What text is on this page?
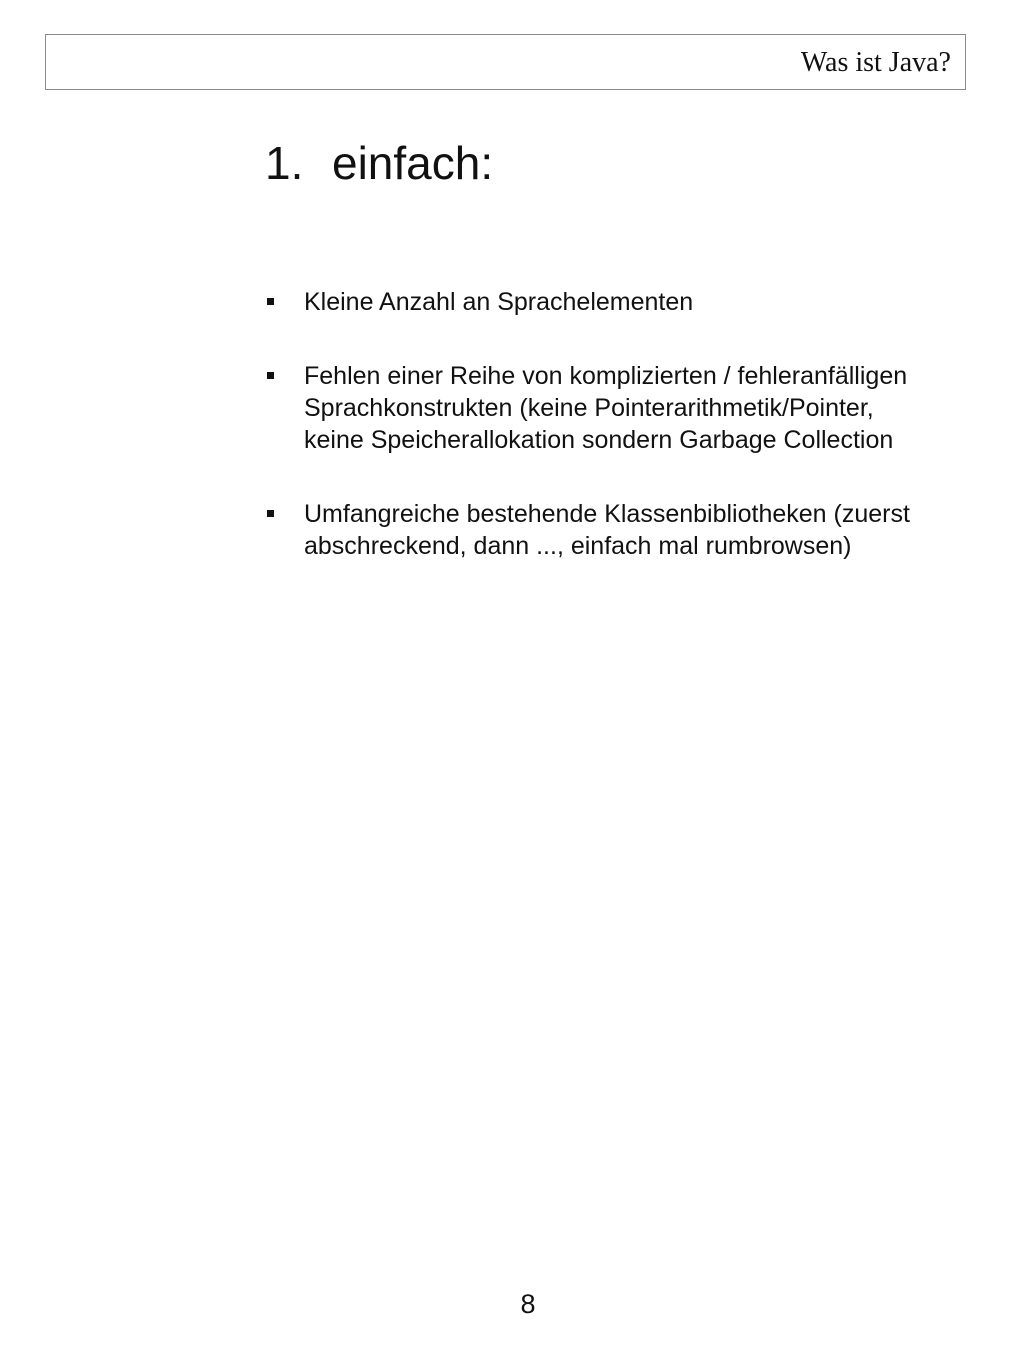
Was ist Java?
1. einfach:
Kleine Anzahl an Sprachelementen
Fehlen einer Reihe von komplizierten / fehleranfälligen
Sprachkonstrukten (keine Pointerarithmetik/Pointer,
keine Speicherallokation sondern Garbage Collection
Umfangreiche bestehende Klassenbibliotheken (zuerst
abschreckend, dann ..., einfach mal rumbrowsen)
8
